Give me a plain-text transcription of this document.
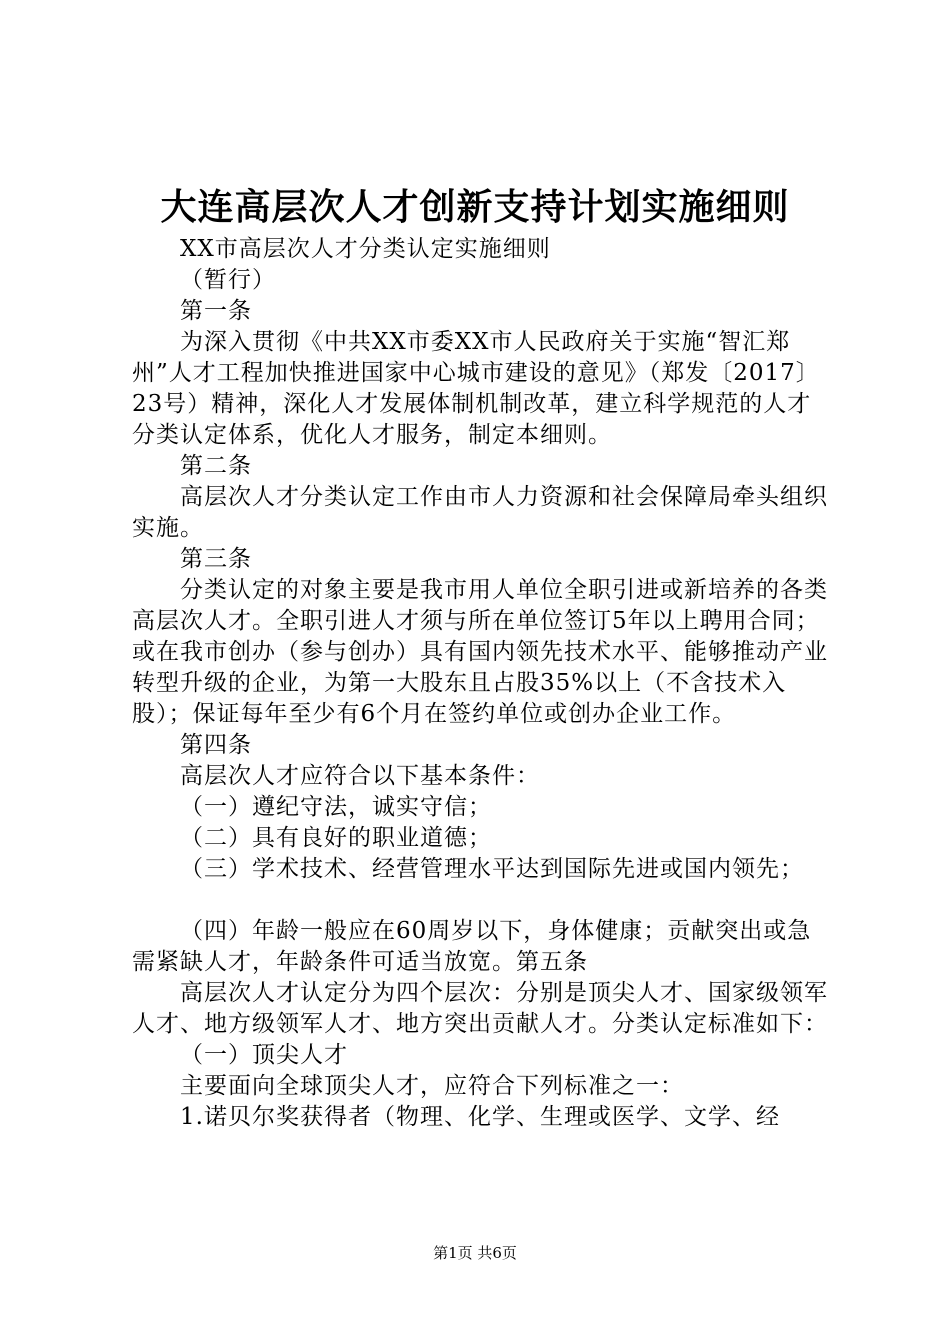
大连高层次人才创新支持计划实施细则

XX市高层次人才分类认定实施细则

（暂行）

第一条

为深入贯彻《中共XX市委XX市人民政府关于实施“智汇郑州”人才工程加快推进国家中心城市建设的意见》（郑发〔2017〕23号）精神，深化人才发展体制机制改革，建立科学规范的人才分类认定体系，优化人才服务，制定本细则。

第二条

高层次人才分类认定工作由市人力资源和社会保障局牵头组织实施。

第三条

分类认定的对象主要是我市用人单位全职引进或新培养的各类高层次人才。全职引进人才须与所在单位签订5年以上聘用合同；或在我市创办（参与创办）具有国内领先技术水平、能够推动产业转型升级的企业，为第一大股东且占股35%以上（不含技术入股）；保证每年至少有6个月在签约单位或创办企业工作。

第四条

高层次人才应符合以下基本条件：

（一）遵纪守法，诚实守信；

（二）具有良好的职业道德；

（三）学术技术、经营管理水平达到国际先进或国内领先；

（四）年龄一般应在60周岁以下，身体健康；贡献突出或急需紧缺人才，年龄条件可适当放宽。第五条

高层次人才认定分为四个层次：分别是顶尖人才、国家级领军人才、地方级领军人才、地方突出贡献人才。分类认定标准如下：

（一）顶尖人才

主要面向全球顶尖人才，应符合下列标准之一：

1.诺贝尔奖获得者（物理、化学、生理或医学、文学、经

第1页 共6页
